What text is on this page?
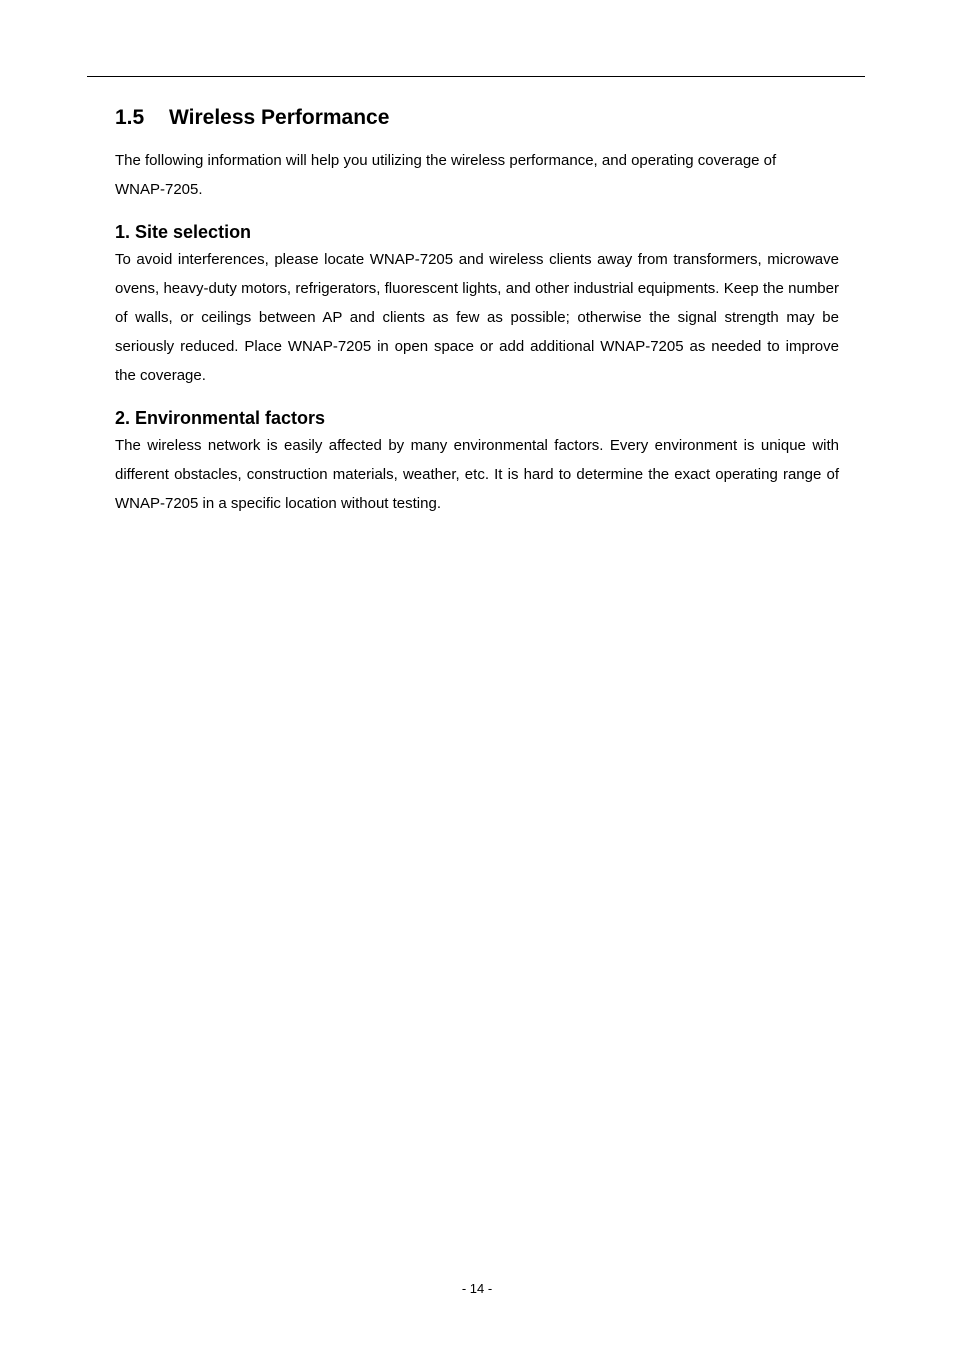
1.5	Wireless Performance

The following information will help you utilizing the wireless performance, and operating coverage of
WNAP-7205.

1. Site selection

To avoid interferences, please locate WNAP-7205 and wireless clients away from transformers, microwave ovens, heavy-duty motors, refrigerators, fluorescent lights, and other industrial equipments. Keep the number of walls, or ceilings between AP and clients as few as possible; otherwise the signal strength may be seriously reduced. Place WNAP-7205 in open space or add additional WNAP-7205 as needed to improve the coverage.

2. Environmental factors

The wireless network is easily affected by many environmental factors. Every environment is unique with different obstacles, construction materials, weather, etc. It is hard to determine the exact operating range of WNAP-7205 in a specific location without testing.

- 14 -
